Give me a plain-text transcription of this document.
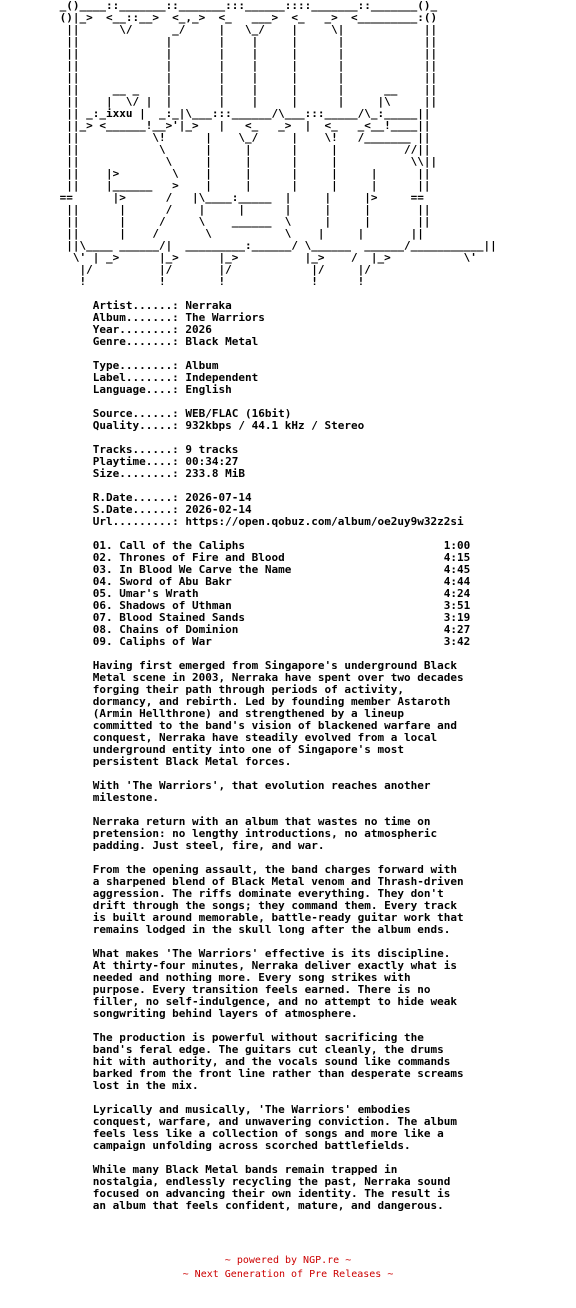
_()____::_______::_______:::______::::_______::_______()_
()|_>  <__::__>  <_,_>  <_   ___>  <_   _>  <_________:()
||      \/      _/     |   \_/    |     \|            ||
||             |       |    |     |      |            ||
||             |       |    |     |      |            ||
||             |       |    |     |      |            ||
||             |       |    |     |      |            ||
||     __ _    |       |    |     |      |      __    ||
||    |  \/ |  |       |    |     |      |     |\     ||
|| _:_ixxu |  _:_|\___:::______/\___:::_____/\_:_____||
||_> <______!__>'|_>   |   <_   _>  |  <_   _<__!____||
||           \!      |    \_/     |    \!   /_______ ||
||            \      |     |      |     |          //||
||             \     |     |      |     |           \\||
||    |>        \    |     |      |     |     |      ||
||    |______   >    |     |      |     |     |      ||
==      |>      /   |\____:_____  |     |     |>     ==
||      |      /    |     |      |     |     |       ||
||      |     /     \    ______  \     |     |       ||
||      |    /       \           \    |     |       ||
||\____ ______/|  _________:______/ \______  ______/___________||
\' | _>      |_>      |_>          |_>    /  |_>           \'
|/          |/       |/            |/     |/
!           !        !             !      !

Artist......: Nerraka
Album.......: The Warriors
Year........: 2026
Genre.......: Black Metal

Type........: Album
Label.......: Independent
Language....: English

Source......: WEB/FLAC (16bit)
Quality.....: 932kbps / 44.1 kHz / Stereo

Tracks......: 9 tracks
Playtime....: 00:34:27
Size........: 233.8 MiB

R.Date......: 2026-07-14
S.Date......: 2026-02-14
Url.........: https://open.qobuz.com/album/oe2uy9w32z2si

01. Call of the Caliphs                              1:00
02. Thrones of Fire and Blood                        4:15
03. In Blood We Carve the Name                       4:45
04. Sword of Abu Bakr                                4:44
05. Umar's Wrath                                     4:24
06. Shadows of Uthman                                3:51
07. Blood Stained Sands                              3:19
08. Chains of Dominion                               4:27
09. Caliphs of War                                   3:42

Having first emerged from Singapore's underground Black
Metal scene in 2003, Nerraka have spent over two decades
forging their path through periods of activity,
dormancy, and rebirth. Led by founding member Astaroth
(Armin Hellthrone) and strengthened by a lineup
committed to the band's vision of blackened warfare and
conquest, Nerraka have steadily evolved from a local
underground entity into one of Singapore's most
persistent Black Metal forces.

With 'The Warriors', that evolution reaches another
milestone.

Nerraka return with an album that wastes no time on
pretension: no lengthy introductions, no atmospheric
padding. Just steel, fire, and war.

From the opening assault, the band charges forward with
a sharpened blend of Black Metal venom and Thrash-driven
aggression. The riffs dominate everything. They don't
drift through the songs; they command them. Every track
is built around memorable, battle-ready guitar work that
remains lodged in the skull long after the album ends.

What makes 'The Warriors' effective is its discipline.
At thirty-four minutes, Nerraka deliver exactly what is
needed and nothing more. Every song strikes with
purpose. Every transition feels earned. There is no
filler, no self-indulgence, and no attempt to hide weak
songwriting behind layers of atmosphere.

The production is powerful without sacrificing the
band's feral edge. The guitars cut cleanly, the drums
hit with authority, and the vocals sound like commands
barked from the front line rather than desperate screams
lost in the mix.

Lyrically and musically, 'The Warriors' embodies
conquest, warfare, and unwavering conviction. The album
feels less like a collection of songs and more like a
campaign unfolding across scorched battlefields.

While many Black Metal bands remain trapped in
nostalgia, endlessly recycling the past, Nerraka sound
focused on advancing their own identity. The result is
an album that feels confident, mature, and dangerous.
~ powered by NGP.re ~
~ Next Generation of Pre Releases ~
